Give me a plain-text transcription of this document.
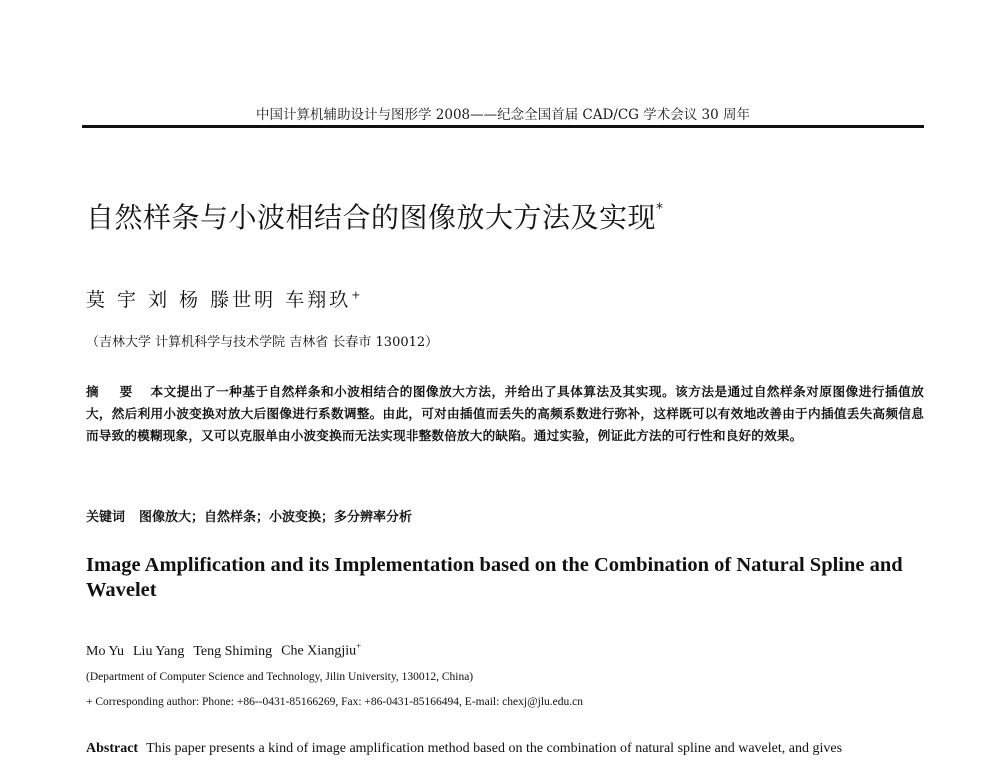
中国计算机辅助设计与图形学 2008——纪念全国首届 CAD/CG 学术会议 30 周年
自然样条与小波相结合的图像放大方法及实现*
莫 宇 刘 杨 滕世明 车翔玖+
（吉林大学 计算机科学与技术学院 吉林省 长春市 130012）
摘 要 本文提出了一种基于自然样条和小波相结合的图像放大方法，并给出了具体算法及其实现。该方法是通过自然样条对原图像进行插值放大，然后利用小波变换对放大后图像进行系数调整。由此，可对由插值而丢失的高频系数进行弥补，这样既可以有效地改善由于内插值丢失高频信息而导致的模糊现象，又可以克服单由小波变换而无法实现非整数倍放大的缺陷。通过实验，例证此方法的可行性和良好的效果。
关键词 图像放大；自然样条；小波变换；多分辨率分析
Image Amplification and its Implementation based on the Combination of Natural Spline and Wavelet
Mo Yu Liu Yang Teng Shiming Che Xiangjiu+
(Department of Computer Science and Technology, Jilin University, 130012, China)
+ Corresponding author: Phone: +86--0431-85166269, Fax: +86-0431-85166494, E-mail: chexj@jlu.edu.cn
Abstract This paper presents a kind of image amplification method based on the combination of natural spline and wavelet, and gives
